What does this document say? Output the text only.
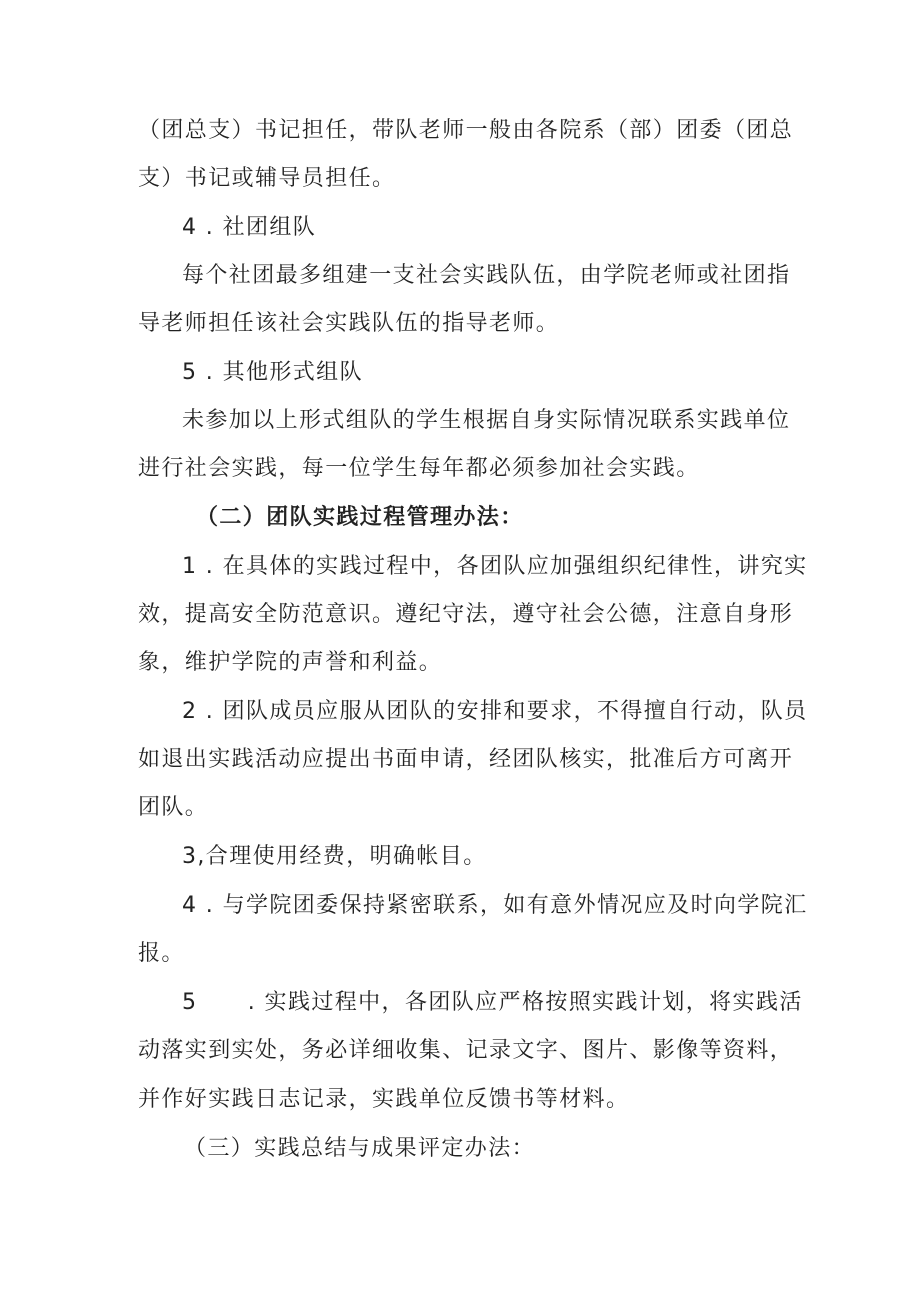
（团总支）书记担任，带队老师一般由各院系（部）团委（团总
支）书记或辅导员担任。
4 . 社团组队
每个社团最多组建一支社会实践队伍，由学院老师或社团指
导老师担任该社会实践队伍的指导老师。
5 . 其他形式组队
未参加以上形式组队的学生根据自身实际情况联系实践单位
进行社会实践，每一位学生每年都必须参加社会实践。
（二）团队实践过程管理办法：
1 . 在具体的实践过程中，各团队应加强组织纪律性，讲究实
效，提高安全防范意识。遵纪守法，遵守社会公德，注意自身形
象，维护学院的声誉和利益。
2 . 团队成员应服从团队的安排和要求，不得擅自行动，队员
如退出实践活动应提出书面申请，经团队核实，批准后方可离开
团队。
3,合理使用经费，明确帐目。
4 . 与学院团委保持紧密联系，如有意外情况应及时向学院汇
报。
5      . 实践过程中，各团队应严格按照实践计划，将实践活
动落实到实处，务必详细收集、记录文字、图片、影像等资料，
并作好实践日志记录，实践单位反馈书等材料。
（三）实践总结与成果评定办法：
